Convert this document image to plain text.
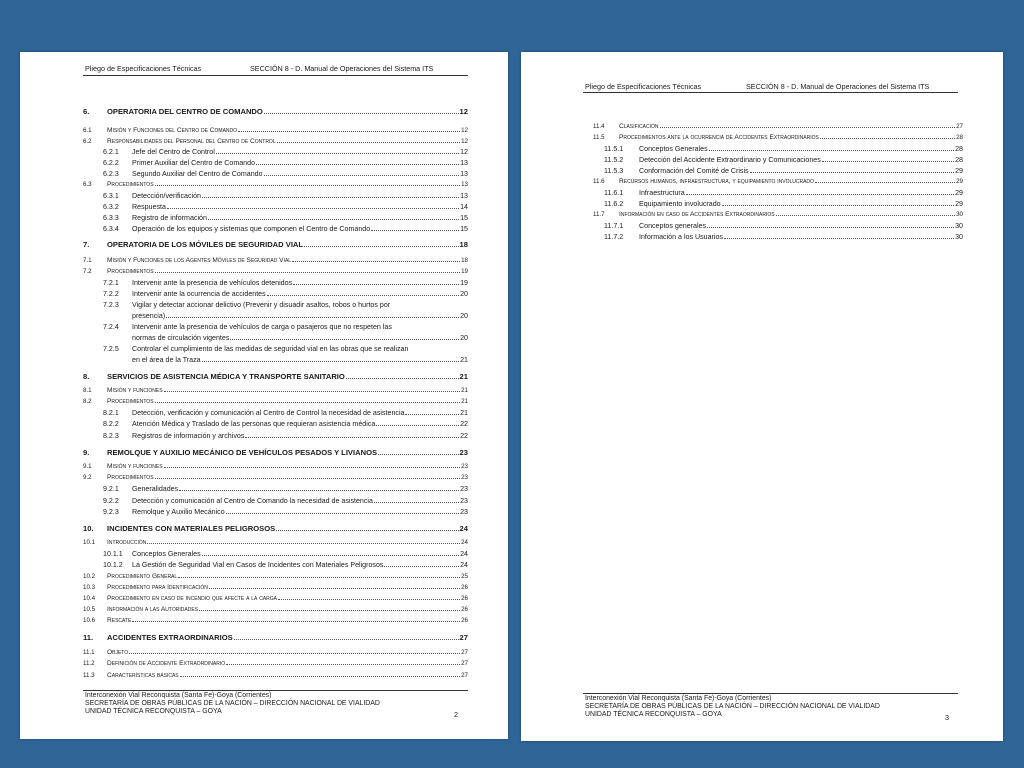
Pliego de Especificaciones Técnicas	SECCIÓN 8 - D. Manual de Operaciones del Sistema ITS
6.	OPERATORIA DEL CENTRO DE COMANDO	12
6.1	Misión y Funciones del Centro de Comando	12
6.2	Responsabilidades del Personal del Centro de Control	12
6.2.1	Jefe del Centro de Control	12
6.2.2	Primer Auxiliar del Centro de Comando	13
6.2.3	Segundo Auxiliar del Centro de Comando	13
6.3	Procedimientos	13
6.3.1	Detección/verificación	13
6.3.2	Respuesta	14
6.3.3	Registro de información	15
6.3.4	Operación de los equipos y sistemas que componen el Centro de Comando	15
7.	OPERATORIA DE LOS MÓVILES DE SEGURIDAD VIAL	18
7.1	Misión y Funciones de los Agentes Móviles de Seguridad Vial	18
7.2	Procedimientos	19
7.2.1	Intervenir ante la presencia de vehículos detenidos	19
7.2.2	Intervenir ante la ocurrencia de accidentes	20
7.2.3	Vigilar y detectar accionar delictivo (Prevenir y disuadir asaltos, robos o hurtos por
presencia)	20
7.2.4	Intervenir ante la presencia de vehículos de carga o pasajeros que no respeten las
normas de circulación vigentes	20
7.2.5	Controlar el cumplimiento de las medidas de seguridad vial en las obras que se realizan
en el área de la Traza	21
8.	SERVICIOS DE ASISTENCIA MÉDICA Y TRANSPORTE SANITARIO	21
8.1	Misión y funciones	21
8.2	Procedimientos	21
8.2.1	Detección, verificación y comunicación al Centro de Control la necesidad de asistencia	21
8.2.2	Atención Médica y Traslado de las personas que requieran asistencia médica	22
8.2.3	Registros de información y archivos	22
9.	REMOLQUE Y AUXILIO MECÁNICO DE VEHÍCULOS PESADOS Y LIVIANOS	23
9.1	Misión y funciones	23
9.2	Procedimientos	23
9.2.1	Generalidades	23
9.2.2	Detección y comunicación al Centro de Comando la necesidad de asistencia	23
9.2.3	Remolque y Auxilio Mecánico	23
10.	INCIDENTES CON MATERIALES PELIGROSOS	24
10.1	Introducción	24
10.1.1	Conceptos Generales	24
10.1.2	La Gestión de Seguridad Vial en Casos de Incidentes con Materiales Peligrosos	24
10.2	Procedimiento General	25
10.3	Procedimiento para Identificación	26
10.4	Procedimiento en caso de incendio que afecte a la carga	26
10.5	Información a las Autoridades	26
10.6	Rescate	26
11.	ACCIDENTES EXTRAORDINARIOS	27
11.1	Objeto	27
11.2	Definición de Accidente Extraordinario	27
11.3	Características básicas	27
Interconexión Vial Reconquista (Santa Fe)-Goya (Corrientes)
SECRETARÍA DE OBRAS PÚBLICAS DE LA NACIÓN – DIRECCIÓN NACIONAL DE VIALIDAD
UNIDAD TÉCNICA RECONQUISTA – GOYA	2
Pliego de Especificaciones Técnicas	SECCIÓN 8 - D. Manual de Operaciones del Sistema ITS
11.4	Clasificación	27
11.5	Procedimientos ante la ocurrencia de Accidentes Extraordinarios	28
11.5.1	Conceptos Generales	28
11.5.2	Detección del Accidente Extraordinario y Comunicaciones	28
11.5.3	Conformación del Comité de Crisis	29
11.6	Recursos humanos, infraestructura, y equipamiento involucrado	29
11.6.1	Infraestructura	29
11.6.2	Equipamiento involucrado	29
11.7	Información en caso de Accidentes Extraordinarios	30
11.7.1	Conceptos generales	30
11.7.2	Información a los Usuarios	30
Interconexión Vial Reconquista (Santa Fe)-Goya (Corrientes)
SECRETARÍA DE OBRAS PÚBLICAS DE LA NACIÓN – DIRECCIÓN NACIONAL DE VIALIDAD
UNIDAD TÉCNICA RECONQUISTA – GOYA	3
